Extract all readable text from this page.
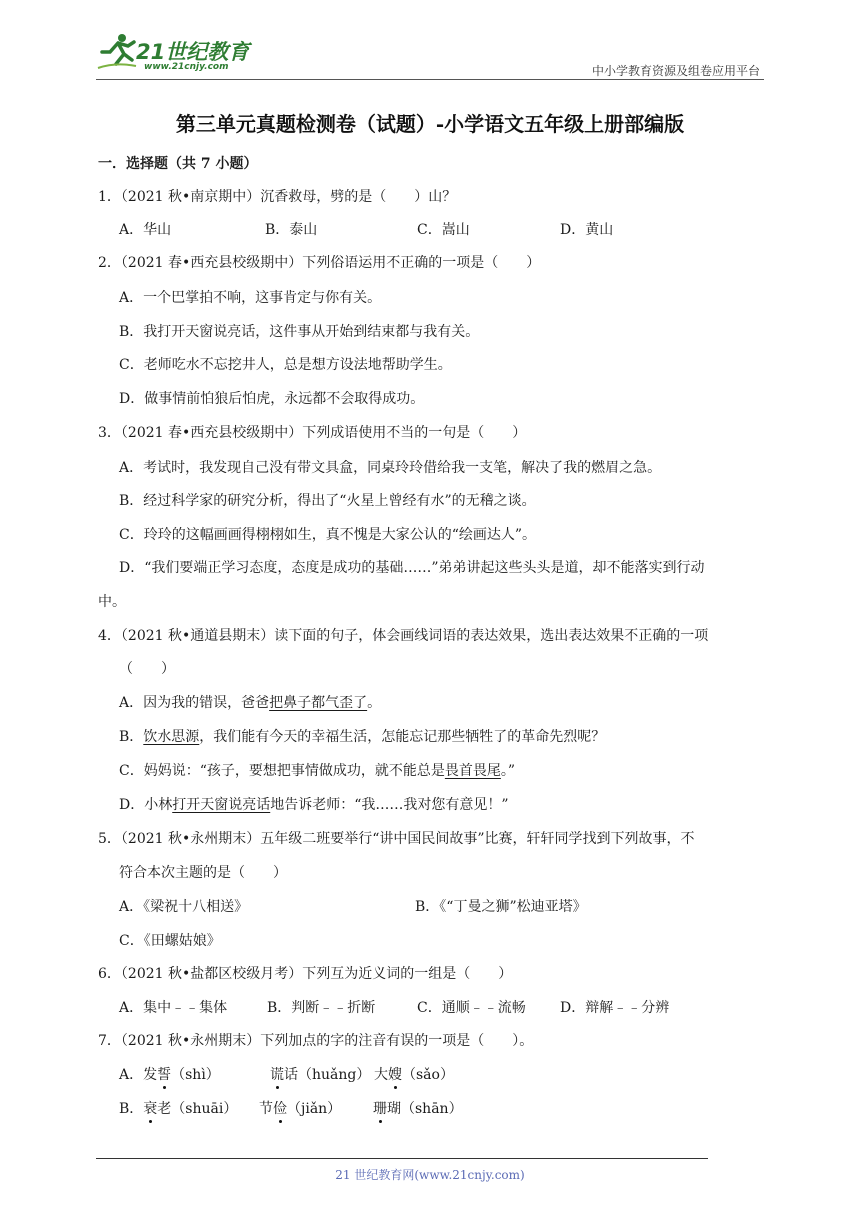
21世纪教育
www.21cnjy.com	中小学教育资源及组卷应用平台
第三单元真题检测卷（试题）-小学语文五年级上册部编版
一．选择题（共 7 小题）
1．（2021 秋•南京期中）沉香救母，劈的是（　　）山？
A．华山	B．泰山	C．嵩山	D．黄山
2．（2021 春•西充县校级期中）下列俗语运用不正确的一项是（　　）
A．一个巴掌拍不响，这事肯定与你有关。
B．我打开天窗说亮话，这件事从开始到结束都与我有关。
C．老师吃水不忘挖井人，总是想方设法地帮助学生。
D．做事情前怕狼后怕虎，永远都不会取得成功。
3．（2021 春•西充县校级期中）下列成语使用不当的一句是（　　）
A．考试时，我发现自己没有带文具盒，同桌玲玲借给我一支笔，解决了我的燃眉之急。
B．经过科学家的研究分析，得出了“火星上曾经有水”的无稽之谈。
C．玲玲的这幅画画得栩栩如生，真不愧是大家公认的“绘画达人”。
D．“我们要端正学习态度，态度是成功的基础……”弟弟讲起这些头头是道，却不能落实到行动
中。
4．（2021 秋•通道县期末）读下面的句子，体会画线词语的表达效果，选出表达效果不正确的一项
（　　）
A．因为我的错误，爸爸把鼻子都气歪了。
B．饮水思源，我们能有今天的幸福生活，怎能忘记那些牺牲了的革命先烈呢？
C．妈妈说：“孩子，要想把事情做成功，就不能总是畏首畏尾。”
D．小林打开天窗说亮话地告诉老师：“我……我对您有意见！”
5．（2021 秋•永州期末）五年级二班要举行“讲中国民间故事”比赛，轩轩同学找到下列故事，不
符合本次主题的是（　　）
A．《梁祝十八相送》	B．《“丁曼之狮”松迪亚塔》
C．《田螺姑娘》
6．（2021 秋•盐都区校级月考）下列互为近义词的一组是（　　）
A．集中﹣﹣集体	B．判断﹣﹣折断	C．通顺﹣﹣流畅 D．辩解﹣﹣分辨
7．（2021 秋•永州期末）下列加点的字的注音有误的一项是（　　）。
A．发誓（shì）	谎话（huǎng） 大嫂（sǎo）
B．衰老（shuāi） 节俭（jiǎn） 珊瑚（shān）
21 世纪教育网(www.21cnjy.com)
